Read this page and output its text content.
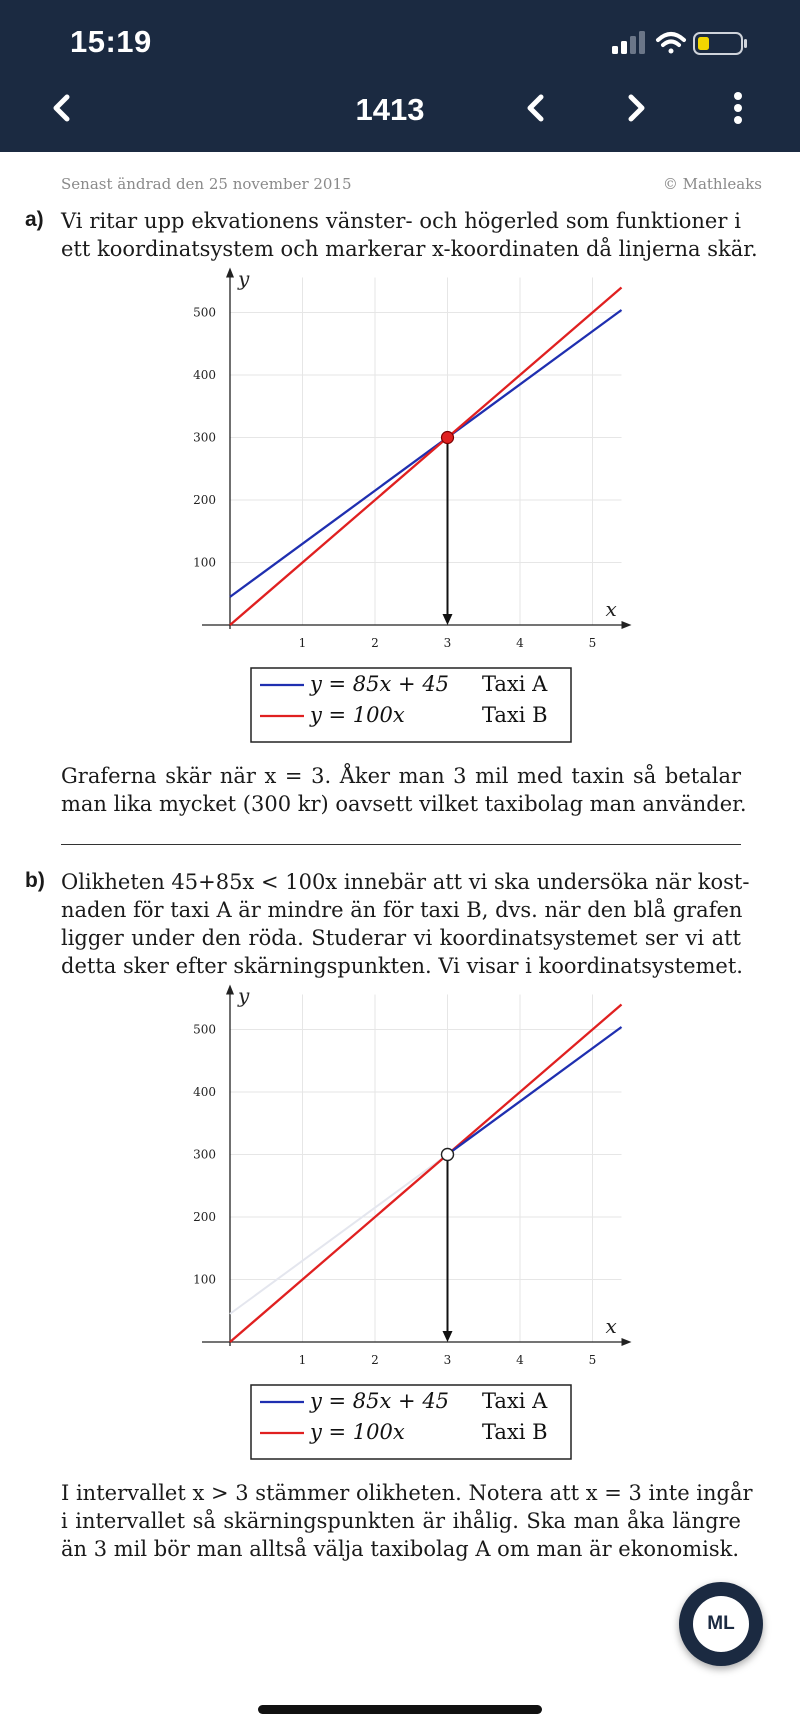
15:19
1413
Senast ändrad den 25 november 2015	© Mathleaks
a) Vi ritar upp ekvationens vänster- och högerled som funktioner i
ett koordinatsystem och markerar x-koordinaten då linjerna skär.
1	2	3	4	5
100
200
300
400
500
x
y
y = 85x + 45 Taxi A
y = 100x	Taxi B
Graferna skär när x = 3. Åker man 3 mil med taxin så betalar
man lika mycket (300 kr) oavsett vilket taxibolag man använder.
b) Olikheten 45+85x < 100x innebär att vi ska undersöka när kost-
naden för taxi A är mindre än för taxi B, dvs. när den blå grafen
ligger under den röda. Studerar vi koordinatsystemet ser vi att
detta sker efter skärningspunkten. Vi visar i koordinatsystemet.
1	2	3	4	5
100
200
300
400
500
x
y
y = 85x + 45 Taxi A
y = 100x	Taxi B
I intervallet x > 3 stämmer olikheten. Notera att x = 3 inte ingår
i intervallet så skärningspunkten är ihålig. Ska man åka längre
än 3 mil bör man alltså välja taxibolag A om man är ekonomisk.
ML
